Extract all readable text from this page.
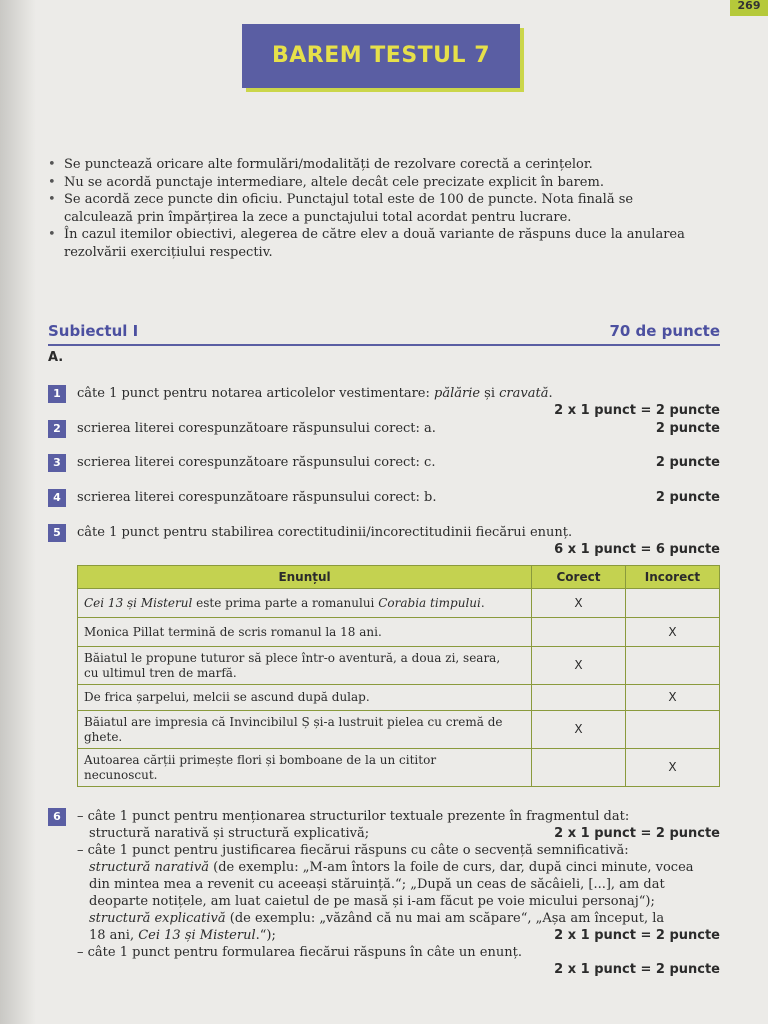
269
BAREM TESTUL 7
• Se punctează oricare alte formulări/modalități de rezolvare corectă a cerințelor.
• Nu se acordă punctaje intermediare, altele decât cele precizate explicit în barem.
• Se acordă zece puncte din oficiu. Punctajul total este de 100 de puncte. Nota finală se
calculează prin împărțirea la zece a punctajului total acordat pentru lucrare.
• În cazul itemilor obiectivi, alegerea de către elev a două variante de răspuns duce la anularea
rezolvării exercițiului respectiv.
Subiectul I	70 de puncte
A.
1	câte 1 punct pentru notarea articolelor vestimentare: pălărie și cravată.
2 x 1 punct = 2 puncte
2	scrierea literei corespunzătoare răspunsului corect: a.	2 puncte
3	scrierea literei corespunzătoare răspunsului corect: c.	2 puncte
4	scrierea literei corespunzătoare răspunsului corect: b.	2 puncte
5	câte 1 punct pentru stabilirea corectitudinii/incorectitudinii fiecărui enunț.
6 x 1 punct = 6 puncte
Enunțul	Corect	Incorect
Cei 13 și Misterul este prima parte a romanului Corabia timpului.	X	
Monica Pillat termină de scris romanul la 18 ani.		X
Băiatul le propune tuturor să plece într-o aventură, a doua zi, seara,
cu ultimul tren de marfă.	X	
De frica șarpelui, melcii se ascund după dulap.		X
Băiatul are impresia că Invincibilul Ș și-a lustruit pielea cu cremă de
ghete.	X	
Autoarea cărții primește flori și bomboane de la un cititor
necunoscut.		X
6	– câte 1 punct pentru menționarea structurilor textuale prezente în fragmentul dat:
structură narativă și structură explicativă;	2 x 1 punct = 2 puncte
– câte 1 punct pentru justificarea fiecărui răspuns cu câte o secvență semnificativă:
structură narativă (de exemplu: „M-am întors la foile de curs, dar, după cinci minute, vocea
din mintea mea a revenit cu aceeași stăruință.“; „După un ceas de săcâieli, [...], am dat
deoparte notițele, am luat caietul de pe masă și i-am făcut pe voie micului personaj“);
structură explicativă (de exemplu: „văzând că nu mai am scăpare“, „Așa am început, la
18 ani, Cei 13 și Misterul.“);	2 x 1 punct = 2 puncte
– câte 1 punct pentru formularea fiecărui răspuns în câte un enunț.
2 x 1 punct = 2 puncte
